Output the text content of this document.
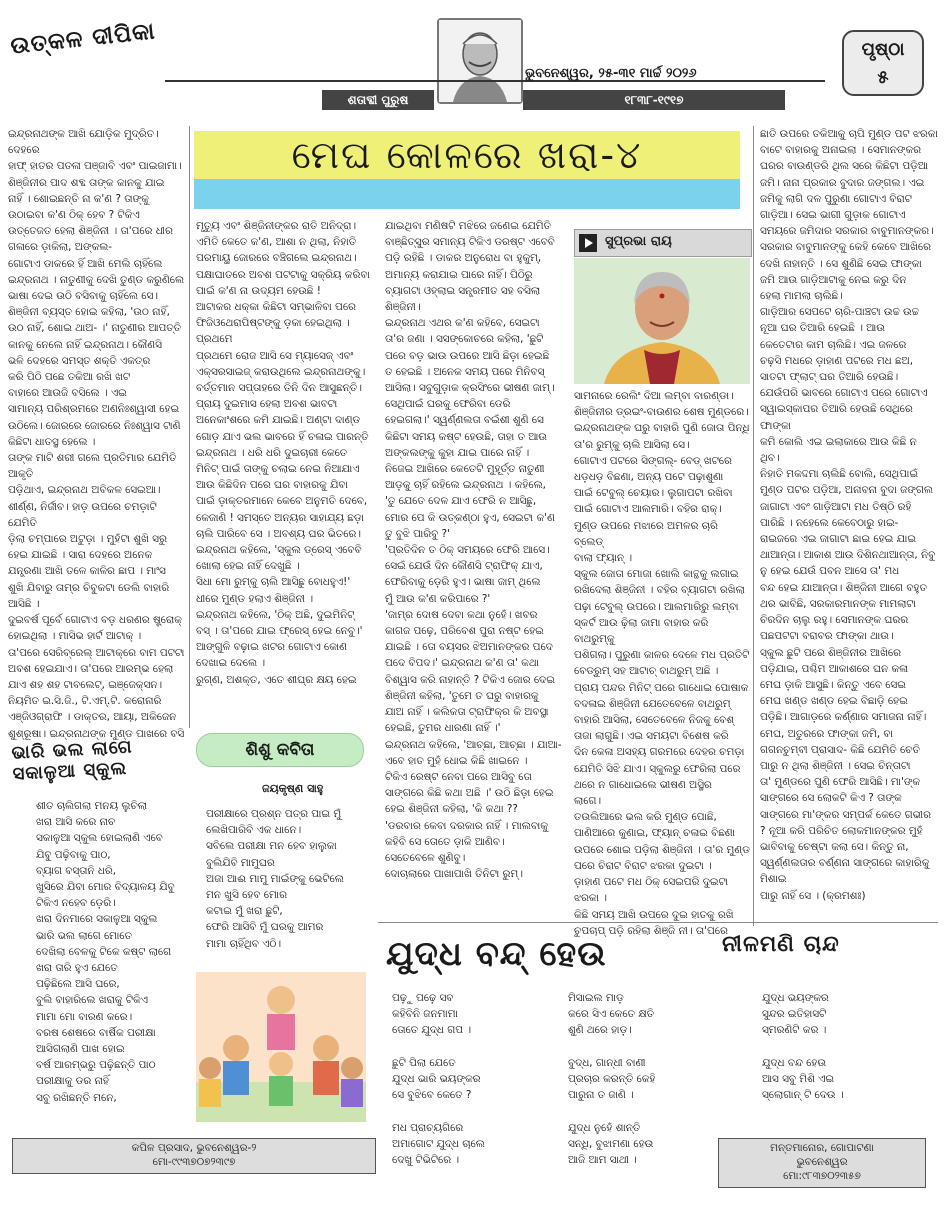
ଉତ୍କଳ ଦୀପିକା
ଭୁବନେଶ୍ୱର, ୨୫-୩୧ ମାର୍ଚ୍ଚ ୨୦୨୬
ଶତାବ୍ଦୀ ପୁରୁଷ	୧୮୩୮-୧୯୧୭
ପୃଷ୍ଠା
୫
ମେଘ କୋଳରେ ଖରା-୪
ସୁପ୍ରଭା ରାୟ
ଇନ୍ଦ୍ରନାଥଙ୍କ ଆଖି ଯୋଡ଼ିକ ମୁଦ୍ରିତ। ଦେହରେ
ହାଫ୍ ହାତର ପତଳା ପଞ୍ଜାବି ଏବଂ ପାଇଜାମା।
ଶିଞ୍ଜିନୀର ପାଦ ଶବ୍ଦ ତାଙ୍କ କାନକୁ ଯାଇ
ନାହିଁ । ଶୋଇଛନ୍ତି ନା କ'ଣ ? ତାଙ୍କୁ
ଉଠାଇବା କ'ଣ ଠିକ୍ ହେବ ? ଟିକିଏ
ଉତ୍ତେଜତ ହେଲା ଶିଞ୍ଜିନୀ । ତା'ପରେ ଧୀର
ଗଳାରେ ଡ଼ାକିଲା, ଅଙ୍କଲ-
ଗୋଟାଏ ଡାକରେ ହିଁ ଆଖି ମେଲି ଚାହିଁଲେ
ଇନ୍ଦ୍ରନାଥ । ନାତୁଣୀକୁ ଦେଖି ତୁଣ୍ଡ କରୁଣିଲେ
ଭାଷା ଦେଇ ଉଠି ବସିବାକୁ ଚାହିଁଲେ ସେ।
ଶିଞ୍ଜିନୀ ବ୍ୟସ୍ତ ହୋଇ କହିଲା, 'ଉଠ ନାହିଁ,
ଉଠ ନାହିଁ, ଶୋଇ ଥାଅ- ।' ନାତୁଣୀର ଆପତ୍ତି
କାନକୁ ନେଲେ ନାହିଁ ଇନ୍ଦ୍ରନାଥ। କୌଣସି
ଭଳି ଦେହରେ ସମସ୍ତ ଶକ୍ତି ଏକତ୍ର
କରି ପିଠି ପଛେ ତକିଆ ରଖି ଖଟ
ବାହାରେ ଆଉଜି ବସିଲେ । ଏଇ
ସାମାନ୍ୟ ପରିଶ୍ରମରେ ଅଣନିଃଶ୍ୱାସୀ ହେଇ
ଉଠିଲେ। ଜୋରରେ ଜୋରରେ ନିଃଶ୍ୱାସ ଟାଣି
କିଛିଟା ଧାତସ୍ଥ ହେଲେ ।
ତାଙ୍କ ମାଟି ଶରୀ ଗଲେ ପ୍ରତିମାର ଯେମିତି ଆକୃତି
ପଡ଼ିଥାଏ, ଇନ୍ଦ୍ରନାଥ ଅବିକଳ ସେଇଆ।
ଶୀର୍ଣ୍ଣ, ନିର୍ଜୀବ। ହାଡ଼ ଉପରେ ଚମଡ଼ାଟି ଯେମିତି
ଡ଼ିଲା ଚମ୍ପାରେ ଅଟୁଡ଼ା । ମୁହଁଟା ଶୁଖି ସରୁ
ହେଇ ଯାଇଛି । ସାରା ଦେହରେ ଅନେକ
ଯନ୍ତ୍ରଣା ଆଖି ତଳେ କାଳିର ଛାପ । ମାଂସ
ଶୁଖି ଯିବାରୁ ତାମ୍ର ଚିବୁକଟା ଡେଲି ବାହାରି
ଆସିଛି ।
ଦୁଇବର୍ଷ ପୂର୍ବେ ଗୋଟାଏ ବଡ଼ ଧରଣର ଷ୍ଟ୍ରୋକ୍
ହୋଇଥିଲା । ମାସିଭ ହାର୍ଟ ଆଟାକ୍ ।
ତା'ପରେ ସେରିବ୍ରେଲ୍ ଆଟାକ୍‌ରେ ବାମ ପଟଟା
ଅବଶ ହେଇଯାଏ। ତା'ପରେ ଆରମ୍ଭ ହେଲା
ଯାଏ ଶହ ଶହ ଟାବଲେଟ୍, ଇଞ୍ଜେକ୍ସନ।
ନିୟମିତ ଇ.ସି.ଜି., ଟି.ଏମ୍.ଟି. କରୋନାରି
ଏଞ୍ଜିଓଗ୍ରାଫି । ଡାକ୍ତର, ଆୟା, ଅକିଜେନ
ଶୁଶ୍ରୂଷା। ଇନ୍ଦ୍ରନାଥଙ୍କ ମୁଣ୍ଡ ପାଖରେ ବସି
ମୃତ୍ୟୁ ଏବଂ ଶିଞ୍ଜିନୀଙ୍କର ରାତି ଅନିଦ୍ରା।
ଏମିତି କେତେ କ'ଣ, ଆଶା ନ ଥିଲା, ନିହାତି
ପରମାୟୁ ଜୋରରେ ବଞ୍ଚିଗଲେ ଇନ୍ଦ୍ରନାଥ।
ପକ୍ଷାଘାତରେ ଅବଶ ପଟଟାକୁ ସକ୍ରିୟ କରିବା
ପାଇଁ କ'ଣ ନା ଉଦ୍ୟମ ହେଉଛି !
ଆଟାକର ଧକ୍କା କିଛିଟା ସମ୍ଭାଳିବା ପରେ
ଫିଜିଓଥେରାପିଷ୍ଟଙ୍କୁ ଡ଼କା ହେଇଥିଲା । ପ୍ରଥମେ
ପ୍ରଥମେ ରୋଜ ଆସି ସେ ମ୍ୟାସେଜ୍ ଏବଂ
ଏକ୍ସରସାଇଜ୍ କରାଉଥିଲେ ଇନ୍ଦ୍ରନାଥଙ୍କୁ।
ବର୍ତ୍ତମାନ ସପ୍ତାହରେ ତିନି ଦିନ ଆସୁଛନ୍ତି।
ପ୍ରାୟ ଦୁଇମାସ ହେଲା ଅବଶ ଭାବଟା
ଅନେକାଂଶରେ କମି ଯାଇଛି। ଅଣ୍ଟା ଦାଣ୍ଡ
ଗୋଡ଼ ଯାଏ ଭଲ ଭାବରେ ହିଁ ଚଳାଇ ପାରନ୍ତି
ଇନ୍ଦ୍ରନାଥ । ଧରି ଧରି ଦୁଇଚାରୀ କେତେ
ମିନିଟ୍ ପାଇଁ ତାଙ୍କୁ ଚଲାଇ ନେଇ ନିଆଯାଏ
ଆଉ କିଛିଦିନ ପରେ ଘର ବାହାରକୁ ଯିବା
ପାଇଁ ଡ଼ାକ୍ତରମାନେ କେବେ ଅନୁମତି ଦେବେ,
କେଜାଣି ! ସମସ୍ତେ ଅନ୍ୟର ସାହାଯ୍ୟ ଛଡ଼ା
ଚାଲି ପାରିବେ ସେ । ଅବଶ୍ୟ ଘର ଭିତରେ।
ଇନ୍ଦ୍ରନାଥ କହିଲେ, 'ସ୍କୁଲ ଡ୍ରେସ୍ ଏବେବି
ଖୋଲା ହେଇ ନାହିଁ ଦେଖୁଛି ।
ସିଧା ମୋ ରୁମ୍‌କୁ ଚାଲି ଆସିଛୁ ବୋଧହୁଏ!'
ଧୀରେ ମୁଣ୍ଡ ହଲାଏ ଶିଞ୍ଜିନୀ ।
ଇନ୍ଦ୍ରନାଥ କହିଲେ, 'ଠିକ୍ ଅଛି, ଦୁଇମିନିଟ୍
ବସ୍ । ତା'ପରେ ଯାଇ ଫ୍ରେସ୍ ହେଇ ନେବୁ।'
ଆଙ୍ଗୁଳି ବଢ଼ାଇ ଖଟର ଗୋଟାଏ କୋଣ
ଦେଖାଇ ଦେଲେ ।
ରୁଗ୍ଣ, ଅଶକ୍ତ, ଏତେ ଶୀଘ୍ର କ୍ଷୟ ହେଇ
ଯାଇଥିବା ମଣିଷଟି ମଝିରେ ଜଣେଇ ଯେମିତି
ବାଞ୍ଛିତ୍ସୁର ସମାନ୍ୟ ଟିକିଏ ଡରଷ୍ଟ ଏବେବି
ପଡ଼ି ରହିଛି । ଡାକର ଅନୁରୋଧ ବା ହୁକୁମ୍,
ଅମାନ୍ୟ କରାଯାଇ ପାରେ ନାହିଁ। ପିଠିରୁ
ବ୍ୟାଗଟା ଓହ୍ଲାଇ ସନ୍ତ୍ରମୀତ ସହ ବସିଲା ଶିଞ୍ଜିନୀ।
ଇନ୍ଦ୍ରନାଥ ଏଥର କ'ଣ କହିବେ, ସେଇଟା
ତା'ର ଜଣା । ସସଙ୍କୋଚରେ କହିଲା, 'ଛୁଟି
ପରେ ବଡ଼ ଭାଉ ଉପରେ ଆସି ଛିଡ଼ା ହେଇଛି
ତ ହେଇଛି । ଅନେକ ସମୟ ପରେ ମିନିବସ୍
ଆସିଲା। ସବୁଗୁଡ଼ାକ କ୍ରସିଂରେ ଭୀଷଣ ଜାମ୍।
ସେଥିପାଇଁ ଘରକୁ ଫେରିବା ଡେରି
ହେଇଗଲା।' ସ୍ୱର୍ଣ୍ଣଲତା ବଇଁଶୀ ଶୁଣି ସେ
କିଛିଟା ସମୟ କଷ୍ଟ ହେଉଛି, ତାହା ତ ଆଉ
ଅଙ୍କଲଙ୍କୁ କୁହା ଯାଇ ପାରେ ନାହିଁ ।
ନିଜେଇ ଆଖିରେ କେତେଟି ମୁହୂର୍ତ୍ତ ନାତୁଣୀ
ଆଡ଼କୁ ଚାହିଁ ରହିଲେ ଇନ୍ଦ୍ରନାଥ । କହିଲେ,
'ତୁ ଯେତେ ଦେଳ ଯାଏ ଫେରି ନ ଆସିଛୁ,
ମୋର ପେ କି ଉତ୍କଣ୍ଠା ହୁଏ, ସେଇଟା କ'ଣ
ତୁ ବୁଝି ପାରିବୁ ?'
'ପ୍ରତିଦିନ ତ ଠିକ୍ ସମୟରେ ଫେରି ଆସେ।
ସେଇଁ ଯେଉଁ ଦିନ କୌଣସି ଟ୍ରାଫିକ୍ ଯାଏ,
ଫେରିବାକୁ ଡ଼େରି ହୁଏ। ଭାଷା ଜାମ୍ ଥିଲେ
ମୁଁ ଆଉ କ'ଣ କରିପାରେ ?'
'ଜାମ୍‌ର ଦୋଷ ଦେବା କଥା ନୁହେଁ। ଖବର
କାଗଜ ପଢ଼େ, ପରିବେଶ ପୁରା ନଷ୍ଟ ହେଇ
ଯାଇଛି । ତୋ ବୟସର ଝିଅମାନଙ୍କର ପଦେ
ପଦେ ବିପଦ।' ଇନ୍ଦ୍ରନାଥ କ'ଣ ତା' କଥା
ବିଶ୍ୱାସ କରି ନାହାନ୍ତି ? ଟିକିଏ ଜୋର ଦେଇ
ଶିଞ୍ଜିନୀ କହିଲା, 'ତୁମେ ତ ଘରୁ ବାହାରକୁ
ଯାଅ ନାହିଁ । କଲିକତା ଟ୍ରାଫିକ୍‌ର କି ଅବସ୍ଥା
ହେଇଛି, ତୁମର ଧାରଣା ନାହିଁ ।'
ଇନ୍ଦ୍ରନାଥ କହିଲେ, 'ଆଚ୍ଛା, ଆଚ୍ଛା । ଯାଆ-
ଏବେ ହାତ ମୁହଁ ଧୋଇ କିଛି ଖାଇନେ ।
ଟିକିଏ ରେଷ୍ଟ ନେବା ପରେ ଆସିବୁ ତୋ
ସାଙ୍ଗରେ କିଛି କଥା ଅଛି ।' ଉଠି ଛିଡ଼ା ହେଇ
ହେଇ ଶିଞ୍ଜିନୀ କହିଲା, 'କି କଥା ??
'ଡରବାର କେବା ଦରକାର ନାହିଁ । ମାଲବାକୁ
କହିବି ସେ ତୋତେ ଡ଼ାକି ଆଣିବ।
ସେତେବେଳେ ଶୁଣିବୁ।
ଦୋଚାଲାରେ ପାଖାପାଖି ତିନିଟା ରୁମ୍।
ସାମନାରେ ରେଲିଂ ଦିଆ ଲମ୍ବା ବାରଣ୍ଡା।
ଶିଞ୍ଜିନୀର ଡ୍ରଇଂ-ବାଉଣର ଶେଷ ମୁଣ୍ଡରେ।
ଇନ୍ଦ୍ରନାଥଙ୍କ ଘରୁ ବାହାରି ପୁଣି ଜୋତା ପିନ୍ଧି
ତା'ର ରୁମ୍‌କୁ ଚାଲି ଆସିଲା ସେ।
ଗୋଟାଏ ପଟରେ ସିଙ୍ଗଲ୍- ବେଡ୍ ଖଟରେ
ଧଡ଼ଧଡ଼ ବିଛଣା, ଅନ୍ୟ ପଟେ ପଢ଼ାଶୁଣା
ପାଇଁ ଟେବୁଲ୍ ଚେୟାର। ଲୁଗାପଟା ରଖିବା
ପାଇଁ ଗୋଟାଏ ଆଲମାରି। ବହିର ରାକ୍।
ମୁଣ୍ଡ ଉପରେ ମଝାରେ ଅମଳର ଚାରି ବ୍ଲେଡ୍
ବାଲା ଫ୍ୟାନ୍ ।
ସ୍କୁଲ ଜୋତା ମୋଜା ଖୋଲି କାନ୍ଥକୁ ଲଗାଇ
ରଖିଦେଲା ଶିଞ୍ଜିନୀ । ବହିର ବ୍ୟାଗଟା ରଖିଲା
ପଢ଼ା ଟେବୁଲ୍ ଉପରେ। ଆଲମାରିରୁ ଲମ୍ବା
ସ୍କର୍ଟ ଆଉ ଢ଼ିଲା ଜାମା ବାହାର କରି ବାଥରୁମ୍‌କୁ
ପଶିଗଲା। ପୁରୁଣା କାଳର ଦେଳେ ମଧ ପ୍ରତିଟି
ବେଡ୍‌ରୁମ୍ ସହ ଆଟାଚ୍ ବାଥରୁମ୍ ଅଛି ।
ପ୍ରାୟ ପନ୍ଦର ମିନିଟ୍ ପରେ ଗାଧୋଇ ପୋଷାକ
ବଦଳାଇ ଶିଞ୍ଜିନୀ ଯେତେବେଳେ ବାଥରୁମ୍
ବାହାରି ଆସିଲା, ସେତେବେଳେ ନିଜକୁ ବେଶ୍
ତାଜା ଲାଗୁଛି। ଏଇ ସମୟଟା ବିଶେଷ କରି
ଦିନ କେଳା ଅସହ୍ୟ ଗରମରେ ଦେହର ଚମଡ଼ା
ଯେମିତି ସିଝି ଯାଏ। ସ୍କୁଲରୁ ଫେରିଲା ପରେ
ଥରେ ନ ଗାଧୋଇଲେ ଭୀଷଣ ଅସ୍ଥିର
ଲାଗେ।
ତଉଲିଆରେ ଭଲ କରି ମୁଣ୍ଡ ପୋଛି,
ପାଣିଆରେ କୁଣାଇ, ଫ୍ୟାନ୍ ଚଳାଇ ବିଛଣା
ଉପରେ ଶୋଇ ପଡ଼ିଲା ଶିଞ୍ଜିନୀ । ତା'ର ମୁଣ୍ଡ
ପରେ ଚିରାଟ ବିରାଟ ଝରକା ଦୁଇଟା ।
ଡ଼ାହାଣ ପଟେ ମଧ ଠିକ୍ ସେଇପରି ଦୁଇଟା
ଝରକା ।
କିଛି ସମୟ ଆଖି ଉପରେ ଦୁଇ ହାତକୁ ରଖି
ଚୁପଚାପ୍ ପଡ଼ି ରହିଲା ଶିଞ୍ଜି ନୀ। ତା'ପରେ
ଛାତି ଉପରେ ତକିଆକୁ ଚାପି ମୁଣ୍ଡ ପଟ ଝରକା
ବାଟେ ବାହାରକୁ ଅନାଇଲା । ସେମାନଙ୍କର
ଘରର ବାଉଣ୍ଡରି ଥିଲ ସରେ କିଛିଟା ପଡ଼ିଆ
ଜମି। ନାନା ପ୍ରକାର ବୁଦାର ଜଙ୍ଗଲ। ଏଇ
ଜମିକୁ ଲାଗି ଦଳ ପୁରୁଣା ଗୋଟାଏ ବିରାଟ
ଗାଡ଼ିଆ। ସେଇ ଭାଗୀ ଗୁଡ଼ାକ ଗୋଟାଏ
ସମୟରେ ଜମିଦାର ସରକାର ବାବୁମାନଙ୍କର।
ସରକାର ବାବୁମାନଙ୍କୁ କେହି କେବେ ଆଖିରେ
ଦେଖି ନାହାନ୍ତି । ସେ ଶୁଣିଛି ସେଇ ଫାଙ୍କା
ଜମି ଆଉ ଗାଡ଼ିଆଟାକୁ ନେଇ କରୁ ଦିନ
ହେଲା ମାମଲା ଚାଲିଛି।
ଗାଡ଼ିଆର ସେପଟେ ଚାରି-ପାଞ୍ଚଟା ଉଚ୍ଚ ଉଚ୍ଚ
ନୂଆ ଘର ତିଆରି ହେଇଛି । ଆଉ
କେତେଟାର କାମ ଚାଲିଛି। ଏଇ ଜଳରେ
ଚଢ଼ସି ମଧରେ ଡ଼ାହାଣ ପଟରେ ମଧ ଛଅ,
ସାତଟା ଫ୍ଲାଟ୍ ଘର ତିଆରି ହେଉଛି।
ଯେଉଁପରି ଭାବରେ ଗୋଟାଏ ପରେ ଗୋଟାଏ
ସ୍ୱାଇସ୍କାପର ତିଆରି ହେଉଛି ସେଥିରେ ଫାଙ୍କା
କମି କୋଲି ଏଇ ଇଲାକାରେ ଆଉ କିଛି ନ
ଥିବ।
ନିହାତି ମକଦ୍ଦମା ଚାଲିଛି ବୋଲି, ସେଥିପାଇଁ
ମୁଣ୍ଡ ପଟର ପଡ଼ିଆ, ଅନାବନା ବୁଦା ଜଙ୍ଗଲ
ଜାଗାଟା ଏବଂ ଗାଡ଼ିଆଟା ମଧ ତିଷ୍ଠି ରହି
ପାରିଛି । ନହେଲେ କେବେଠାରୁ ହାଇ-
ରାଇଜରେ ଏଇ ଜାଗାଟା ଛାଇ ହେଇ ଯାଇ
ଥାଆନ୍ତା। ଆକାଶ ଆଉ ଦିଶିନଥାଆନ୍ତା, ନିବୁ
ନୁ ହେଇ ଯେଉଁ ପବନ ଆସେ ତା' ମଧ
ବନ୍ଦ ହେଇ ଯାଆନ୍ତା। ଶିଞ୍ଜିନୀ ଆଗେ ବହୁତ
ଥର ଭାବିଛି, ସରକାରମାନଙ୍କ ମାମଲାଟା
ଚିରଦିନ ଚାଲୁ ରହୁ। ସେମାନଙ୍କ ଘରର
ପଛପଟଟା ବରାବର ଫାଙ୍କା ଥାଉ।
ସ୍କୁଲ ଛୁଟି ପରେ ଶିଞ୍ଜିନୀର ଆଖିରେ
ପଡ଼ିଯାଇ, ପଶ୍ଚିମ ଆକାଶରେ ଘନ କଳା
ମେଘ ଡ଼ାକି ଆସୁଛି। କିନ୍ତୁ ଏବେ ସେଇ
ମେଘ ଖଣ୍ଡ ଖଣ୍ଡ ହେଇ ବିଛାଡ଼ି ହେଇ
ପଡ଼ିଛି। ଆଗାଡ଼ରେ କର୍ଣ୍ଣାର ସମାଜନା ନାହିଁ।
ମେଘ, ଅତୁରରେ ଫାଙ୍କା ଜମି, ବା
ଗଗନଚୁମ୍ବୀ ପ୍ରାସାଦ- କିଛି ଯେମିତି ଚେତି
ପାରୁ ନ ଥିଲା ଶିଞ୍ଜିନୀ । ସେଇ ଚିନ୍ତାଟା
ତା' ମୁଣ୍ଡରେ ପୁଣି ଫେରି ଆସିଛି। ମା'ଙ୍କ
ସାଙ୍ଗରେ ସେ ଲୋକଟି କିଏ ? ତାଙ୍କ
ସାଙ୍ଗରେ ମା'ଙ୍କର ସମ୍ପର୍କ କେତେ ଗଭୀର
? ନୂଆ କରି ପରିଚିତ ଲୋକମାନଙ୍କର ମୁହଁ
ଭାବିବାକୁ ଚେଷ୍ଟା କଲା ସେ। କିନ୍ତୁ ନା,
ସ୍ୱର୍ଣ୍ଣଲତାର ବର୍ଣ୍ଣନା ସାଙ୍ଗରେ କାହାରିକୁ ମିଶାଇ
ପାରୁ ନାହିଁ ସେ । (କ୍ରମଶଃ)
ଭାରି ଭଲ ଲାଗେ ସକାଳୁଆ ସ୍କୁଲ
ଶିଶୁ କବିତା
ଜୟକୃଷ୍ଣ ସାହୁ
ଶୀତ ଚାଲିଗଲା ମନୟ ଲୁଚିଲା
ଖରା ଆସି କରେ ନାଚ
ସକାଳୁଆ ସ୍କୁଲ ହୋଇଲାଣି ଏବେ
ଯିବୁ ପଢ଼ିବାକୁ ପାଠ,
ବ୍ୟାଗ ବସ୍ତାନି ଧରି,
ଖୁସିରେ ଯିବା ମୋର ବିଦ୍ୟାଳୟ ଯିବୁ
ଟିକିଏ ନହେବ ଡ଼େରି।
ଖରା ଦିନମାରେ ସକାଳୁଆ ସ୍କୁଲ
ଭାରି ଭଲ ଲାଗେ ମୋତେ
ଦେଖିଲା ବେଳକୁ ଟିକେ କଷ୍ଟ ଲାଗେ
ଖରା ତାରି ହୁଏ ଯେତେ
ପଢ଼ିଛିଲେ ଆସି ଘରେ,
ବୁଲି ବାହାରିଲେ ଖରାକୁ ଟିକିଏ
ମାମା ମୋ ବାରଣ କରେ।
ବରଷ ଶେଷରେ ବାର୍ଷିକ ପରୀକ୍ଷା
ଆସିଗଲାଣି ପାଖ ହୋଇ
ବର୍ଷ ଆରମ୍ଭରୁ ପଢ଼ିଛନ୍ତି ପାଠ
ପରୀକ୍ଷାକୁ ଡର ନାହିଁ
ସବୁ ରଖିଛନ୍ତି ମନେ,
ପରୀକ୍ଷାରେ ପ୍ରଶ୍ନ ପତ୍ର ପାଇ ମୁଁ
ଲେଖିପାରିବି ଏକ ଧାନେ।
ସବିଲେ ପରୀକ୍ଷା ମନ ହେବ ହାଲୁକା
ବୁଲିଯିବି ମାମୁଘର
ଅଜା ଆଈ ମାମୁ ମାଇଁଙ୍କୁ ଭେଟିଲେ
ମନ ଖୁସି ହେବ ମୋର
କଟାଇ ମୁଁ ଖରା ଛୁଟି,
ଫେରି ଆସିବି ମୁଁ ଘରକୁ ଆମର
ମାମା ଚାହିଁଥିବ ଏଠି।
କପିଳ ପ୍ରସାଦ, ଭୁବନେଶ୍ୱର-୨
ମୋ-୯୯୩୭୦୭୨୩୯୭
ଯୁଦ୍ଧ ବନ୍ଦ୍ ହେଉ	ନୀଳମଣି ଚାନ୍ଦ
ପଢ଼ୁ ପଢ଼େ ସବ
କହିବିନି ଜନମାମା
ତୋତେ ଯୁଦ୍ଧ ଗପ ।

ଛୁଟି ପିଲା ଯେତେ
ଯୁଦ୍ଧ ଭାରି ଭୟଙ୍କର
ସେ ବୁଝିବେ କେତେ ?

ମଧ ପ୍ରାଚ୍ୟଗିରେ
ଅମାଗୋଟ ଯୁଦ୍ଧ ଚାଲେ
ଦେଖୁ ଟିଭିଟିରେ ।
ମିସାଇଲ ମାଡ଼
କରେ ସିଏ କେତେ କ୍ଷତି
ଶୁଣି ଥରେ ହାଡ଼।

ବୁଦ୍ଧ, ଗାନ୍ଧୀ ବାଣୀ
ପ୍ରଚାର କରନ୍ତି କେହି
ପାରୁନା ତ ଜାଣି ।

ଯୁଦ୍ଧ ନୁହେଁ ଶାନ୍ତି
ସନ୍ଧି, ବୁଝାମଣା ହେଉ
ଆଜି ଆମ ସାଥୀ ।
ଯୁଦ୍ଧ ଭୟଙ୍କର
ସୁନ୍ଦର ଇତିହାସଟି
ସ୍ମରଣିଟି କର ।

ଯୁଦ୍ଧ ବନ୍ଦ ହେଉ
ଆସ ସବୁ ମିଶି ଏଇ
ସ୍ଲୋଗାନ୍ ଟି ଦେଉ ।
ମନ୍ତମାନୋର, ଗୋପାଟଣା
ଭୁବନେଶ୍ୱର
ମୋ:୯୮୩୭୦୨୩୫୭
